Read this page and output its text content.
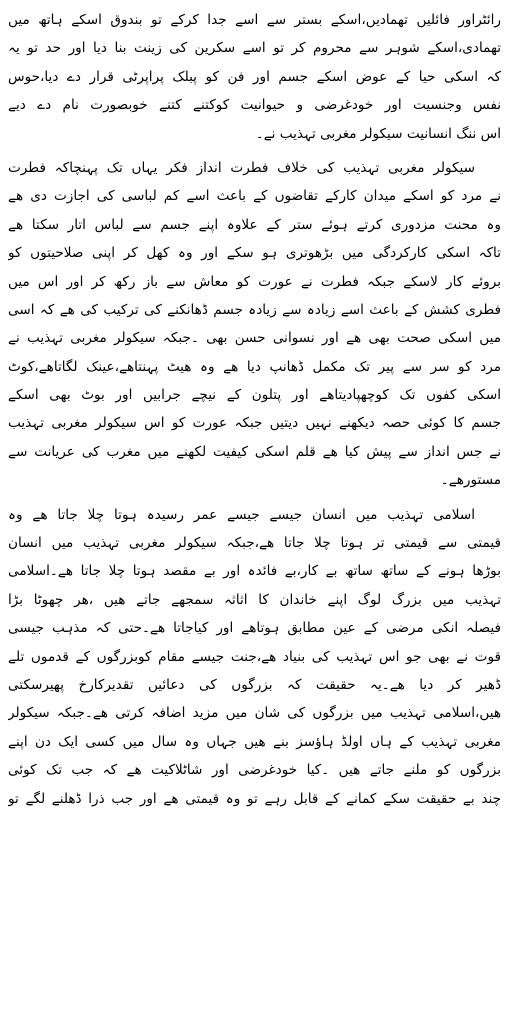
رائٹراور فائلیں تھمادیں،اسکے بستر سے اسے جدا کرکے تو بندوق اسکے ہاتھ میں
تھمادی،اسکے شوہر سے محروم کر تو اسے سکرین کی زینت بنا دیا اور حد تو یہ
کہ اسکی حیا کے عوض اسکے جسم اور فن کو پبلک پراپرٹی قرار دے دیا،حوس
نفس وجنسیت اور خودغرضی و حیوانیت کوکتنے کتنے خوبصورت نام دے دیے
اس ننگ انسانیت سیکولر مغربی تہذیب نے۔
سیکولر مغربی تہذیب کی خلاف فطرت انداز فکر یہاں تک پہنچاکہ فطرت
نے مرد کو اسکے میدان کارکے تقاضوں کے باعث اسے کم لباسی کی اجازت دی ھے
وہ محنت مزدوری کرتے ہوئے ستر کے علاوہ اپنے جسم سے لباس اتار سکتا ھے
تاکہ اسکی کارکردگی میں بڑھوتری ہو سکے اور وہ کھل کر اپنی صلاحیتوں کو
بروئے کار لاسکے جبکہ فطرت نے عورت کو معاش سے باز رکھ کر اور اس میں
فطری کشش کے باعث اسے زیادہ سے زیادہ جسم ڈھانکنے کی ترکیب کی ھے کہ اسی
میں اسکی صحت بھی ھے اور نسوانی حسن بھی ۔جبکہ سیکولر مغربی تہذیب نے
مرد کو سر سے پیر تک مکمل ڈھانپ دیا ھے وہ ھیٹ پہنتاھے،عینک لگاتاھے،کوٹ
اسکی کفوں تک کوچھپادیتاھے اور پتلون کے نیچے جرابیں اور بوٹ بھی اسکے
جسم کا کوئی حصہ دیکھنے نہیں دیتیں جبکہ عورت کو اس سیکولر مغربی تہذیب
نے جس انداز سے پیش کیا ھے قلم اسکی کیفیت لکھنے میں مغرب کی عریانت سے
مستورھے۔
اسلامی تہذیب میں انسان جیسے جیسے عمر رسیدہ ہوتا چلا جاتا ھے وہ
قیمتی سے قیمتی تر ہوتا چلا جاتا ھے،جبکہ سیکولر مغربی تہذیب میں انسان
بوڑھا ہونے کے ساتھ ساتھ بے کار،بے فائدہ اور بے مقصد ہوتا چلا جاتا ھے۔اسلامی
تہذیب میں بزرگ لوگ اپنے خاندان کا اثاثہ سمجھے جاتے ھیں ،ھر چھوٹا بڑا
فیصلہ انکی مرضی کے عین مطابق ہوتاھے اور کیاجاتا ھے۔حتی کہ مذہب جیسی
قوت نے بھی جو اس تہذیب کی بنیاد ھے،جنت جیسے مقام کوبزرگوں کے قدموں تلے
ڈھیر کر دیا ھے۔یہ حقیقت کہ بزرگوں کی دعائیں تقدیرکارخ پھیرسکتی
ھیں،اسلامی تہذیب میں بزرگوں کی شان میں مزید اضافہ کرتی ھے۔جبکہ سیکولر
مغربی تہذیب کے ہاں اولڈ ہاؤسز بنے ھیں جہاں وہ سال میں کسی ایک دن اپنے
بزرگوں کو ملنے جاتے ھیں ۔کیا خودغرضی اور شاٹلاکیت ھے کہ جب تک کوئی
چند بے حقیقت سکے کمانے کے قابل رہے تو وہ قیمتی ھے اور جب ذرا ڈھلنے لگے تو
